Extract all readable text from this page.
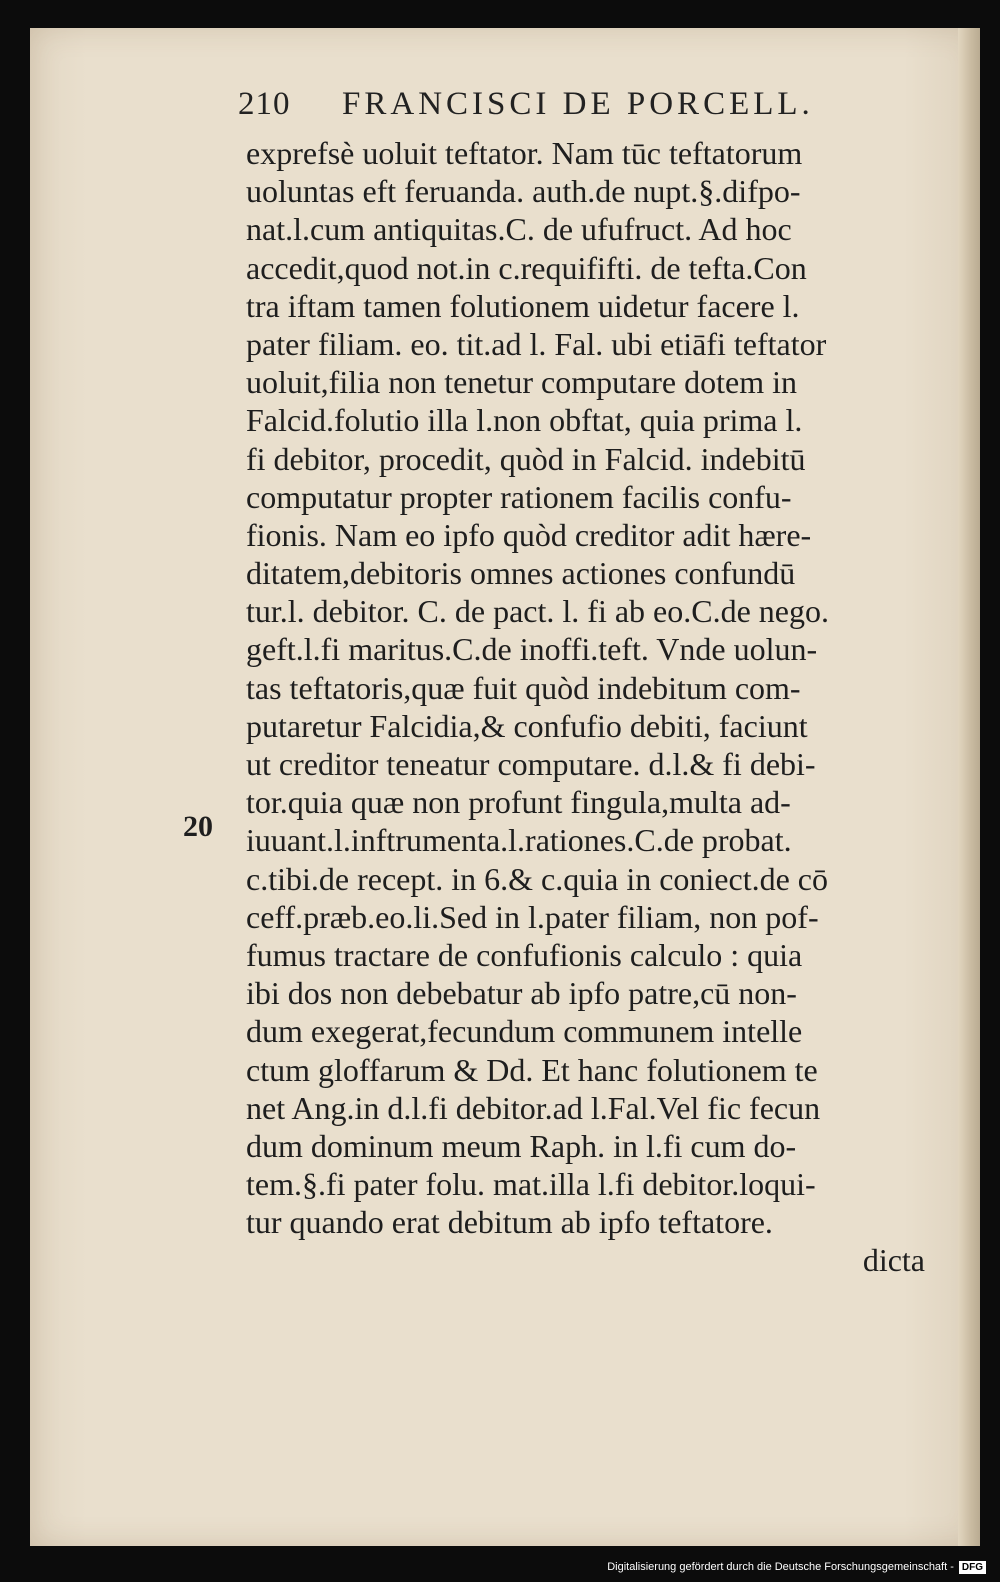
210 FRANCISCI DE PORCELL.
20
exprefsè uoluit teftator. Nam tūc teftatorum
uoluntas eft feruanda. auth.de nupt.§.difpo-
nat.l.cum antiquitas.C. de ufufruct. Ad hoc
accedit,quod not.in c.requififti. de tefta.Con
tra iftam tamen folutionem uidetur facere l.
pater filiam. eo. tit.ad l. Fal. ubi etiāfi teftator
uoluit,filia non tenetur computare dotem in
Falcid.folutio illa l.non obftat, quia prima l.
fi debitor, procedit, quòd in Falcid. indebitū
computatur propter rationem facilis confu-
fionis. Nam eo ipfo quòd creditor adit hære-
ditatem,debitoris omnes actiones confundū
tur.l. debitor. C. de pact. l. fi ab eo.C.de nego.
geft.l.fi maritus.C.de inoffi.teft. Vnde uolun-
tas teftatoris,quæ fuit quòd indebitum com-
putaretur Falcidia,& confufio debiti, faciunt
ut creditor teneatur computare. d.l.& fi debi-
tor.quia quæ non profunt fingula,multa ad-
iuuant.l.inftrumenta.l.rationes.C.de probat.
c.tibi.de recept. in 6.& c.quia in coniect.de cō
ceff.præb.eo.li.Sed in l.pater filiam, non pof-
fumus tractare de confufionis calculo : quia
ibi dos non debebatur ab ipfo patre,cū non-
dum exegerat,fecundum communem intelle
ctum gloffarum & Dd. Et hanc folutionem te
net Ang.in d.l.fi debitor.ad l.Fal.Vel fic fecun
dum dominum meum Raph. in l.fi cum do-
tem.§.fi pater folu. mat.illa l.fi debitor.loqui-
tur quando erat debitum ab ipfo teftatore.
dicta
Digitalisierung gefördert durch die Deutsche Forschungsgemeinschaft - DFG
